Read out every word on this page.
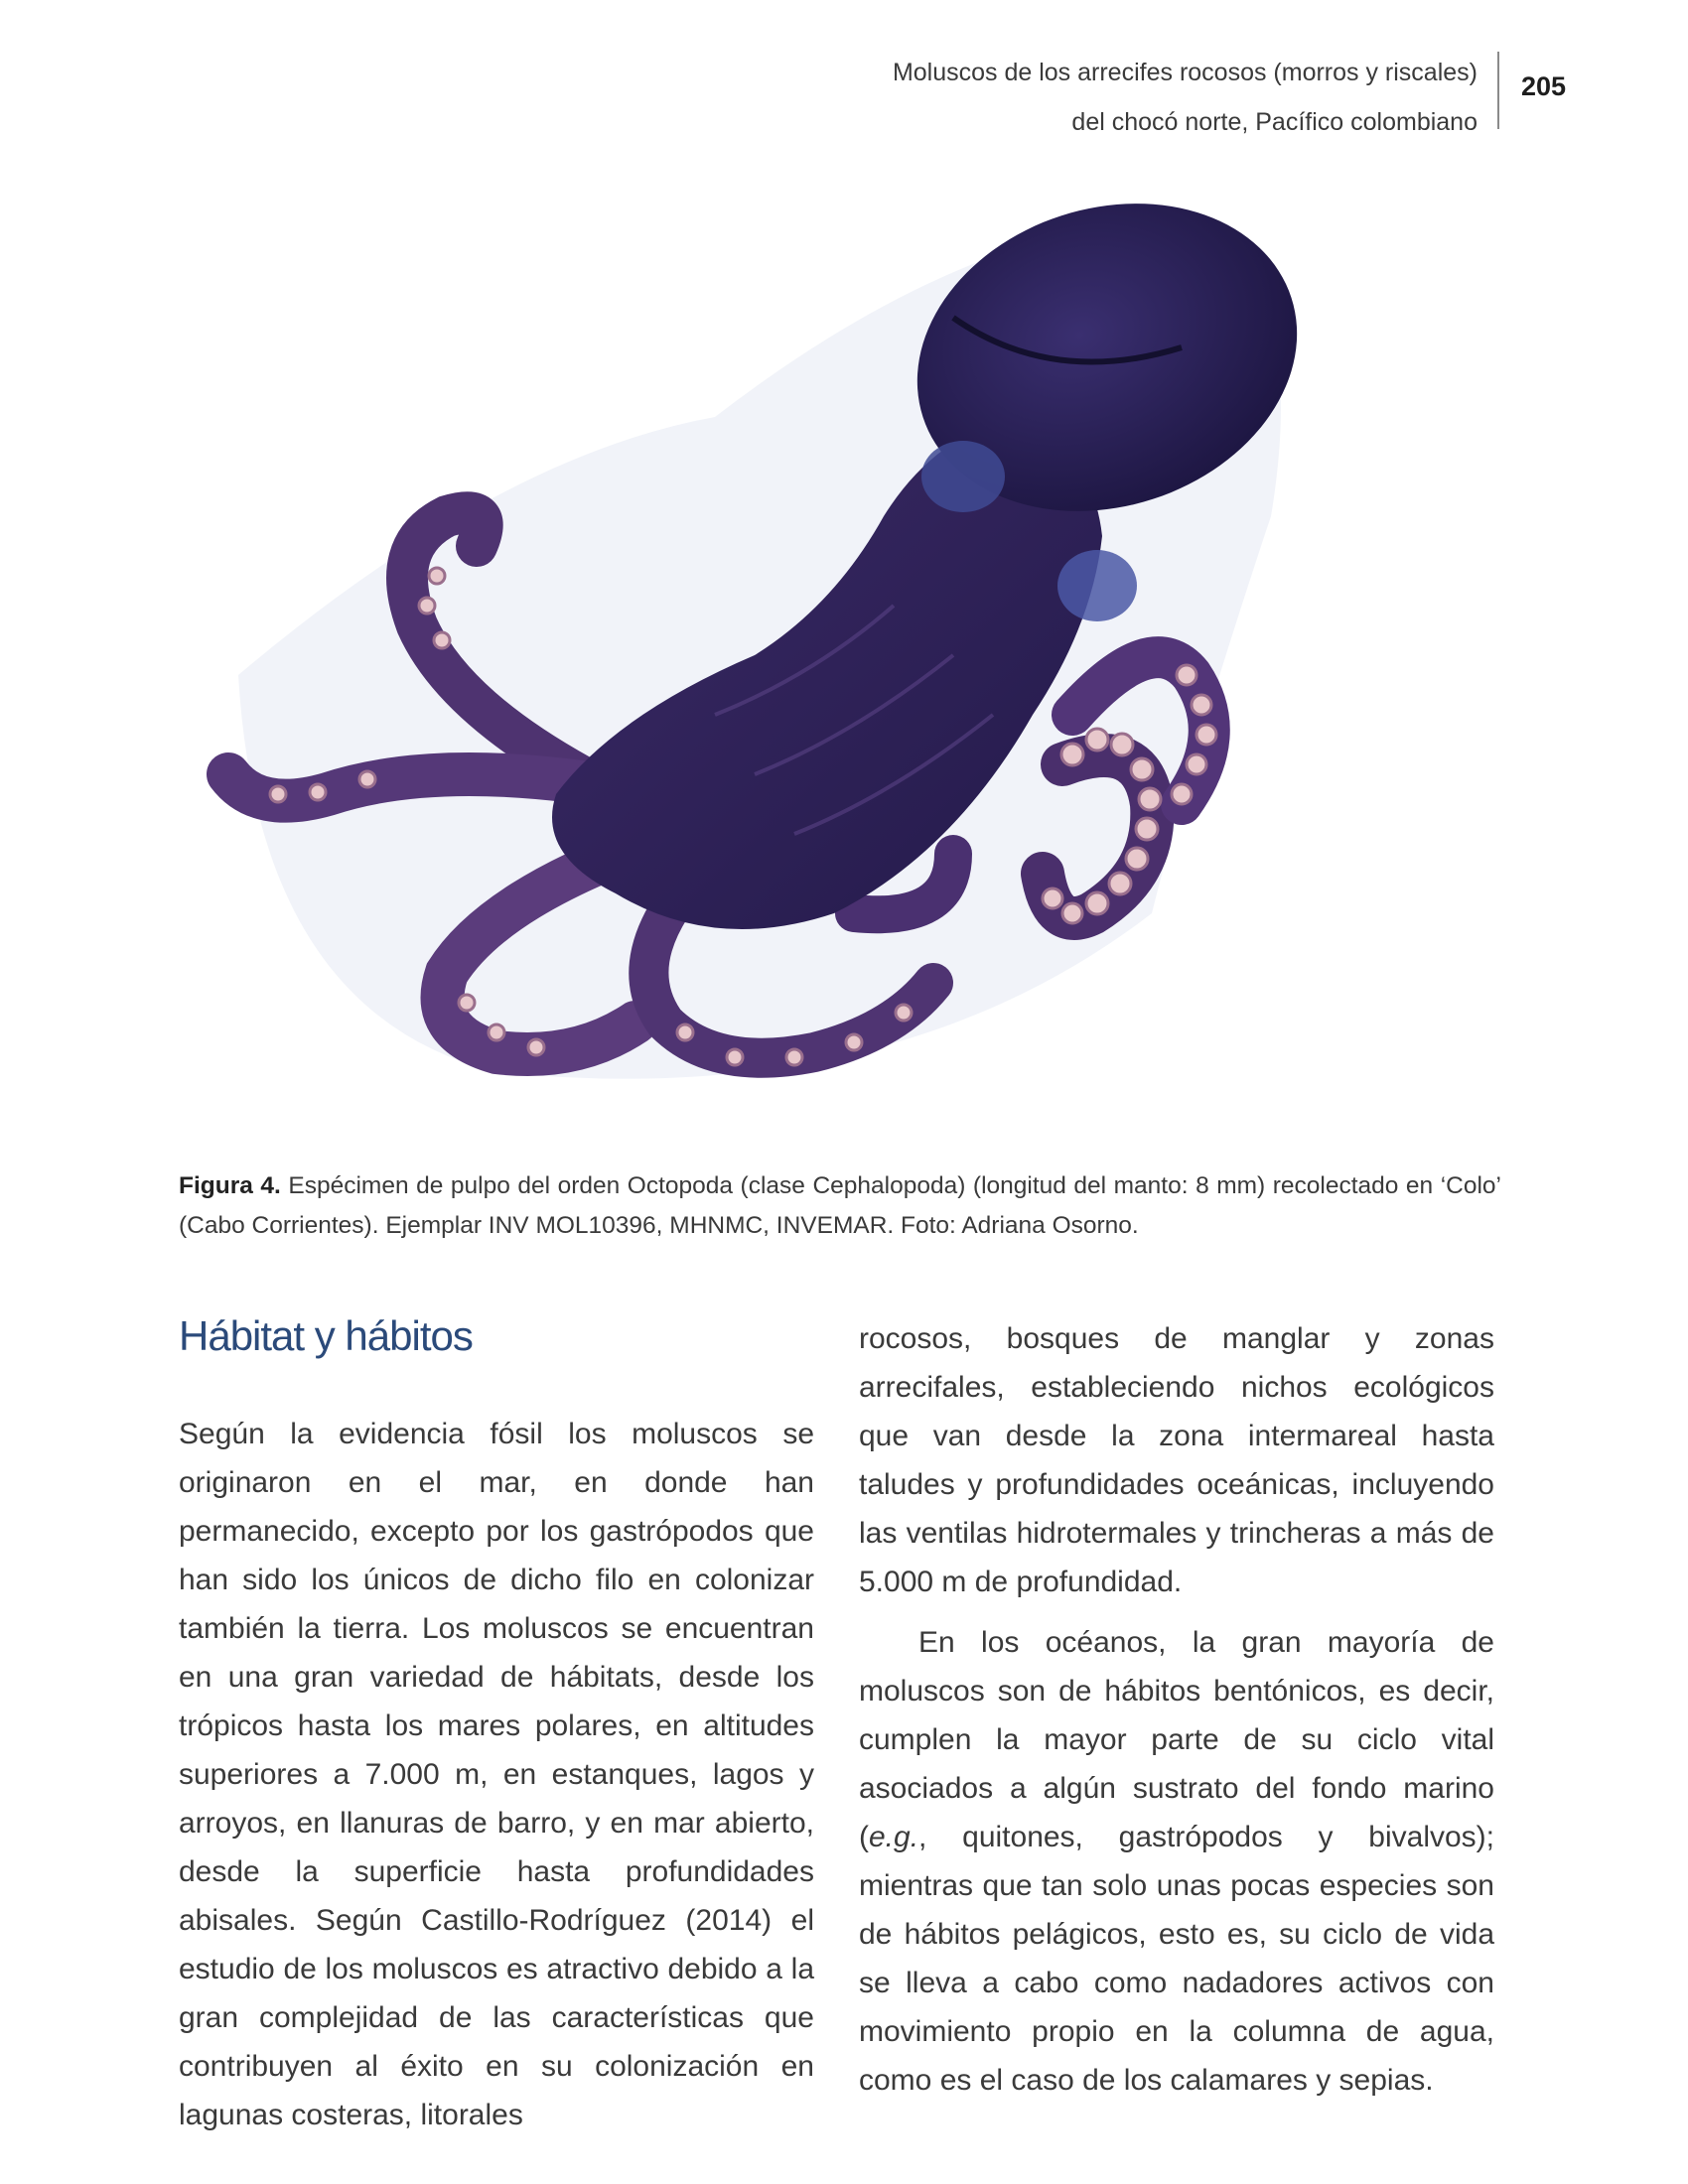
Moluscos de los arrecifes rocosos (morros y riscales)
del chocó norte, Pacífico colombiano
205
Figura 4. Espécimen de pulpo del orden Octopoda (clase Cephalopoda) (longitud del manto: 8 mm) recolectado en ‘Colo’ (Cabo Corrientes). Ejemplar INV MOL10396, MHNMC, INVEMAR. Foto: Adriana Osorno.
Hábitat y hábitos

Según la evidencia fósil los moluscos se originaron en el mar, en donde han permanecido, excepto por los gastrópodos que han sido los únicos de dicho filo en colonizar también la tierra. Los moluscos se encuentran en una gran variedad de hábitats, desde los trópicos hasta los mares polares, en altitudes superiores a 7.000 m, en estanques, lagos y arroyos, en llanuras de barro, y en mar abierto, desde la superficie hasta profundidades abisales. Según Castillo-Rodríguez (2014) el estudio de los moluscos es atractivo debido a la gran complejidad de las características que contribuyen al éxito en su colonización en lagunas costeras, litorales

rocosos, bosques de manglar y zonas arrecifales, estableciendo nichos ecológicos que van desde la zona intermareal hasta taludes y profundidades oceánicas, incluyendo las ventilas hidrotermales y trincheras a más de 5.000 m de profundidad.

En los océanos, la gran mayoría de moluscos son de hábitos bentónicos, es decir, cumplen la mayor parte de su ciclo vital asociados a algún sustrato del fondo marino (e.g., quitones, gastrópodos y bivalvos); mientras que tan solo unas pocas especies son de hábitos pelágicos, esto es, su ciclo de vida se lleva a cabo como nadadores activos con movimiento propio en la columna de agua, como es el caso de los calamares y sepias.
